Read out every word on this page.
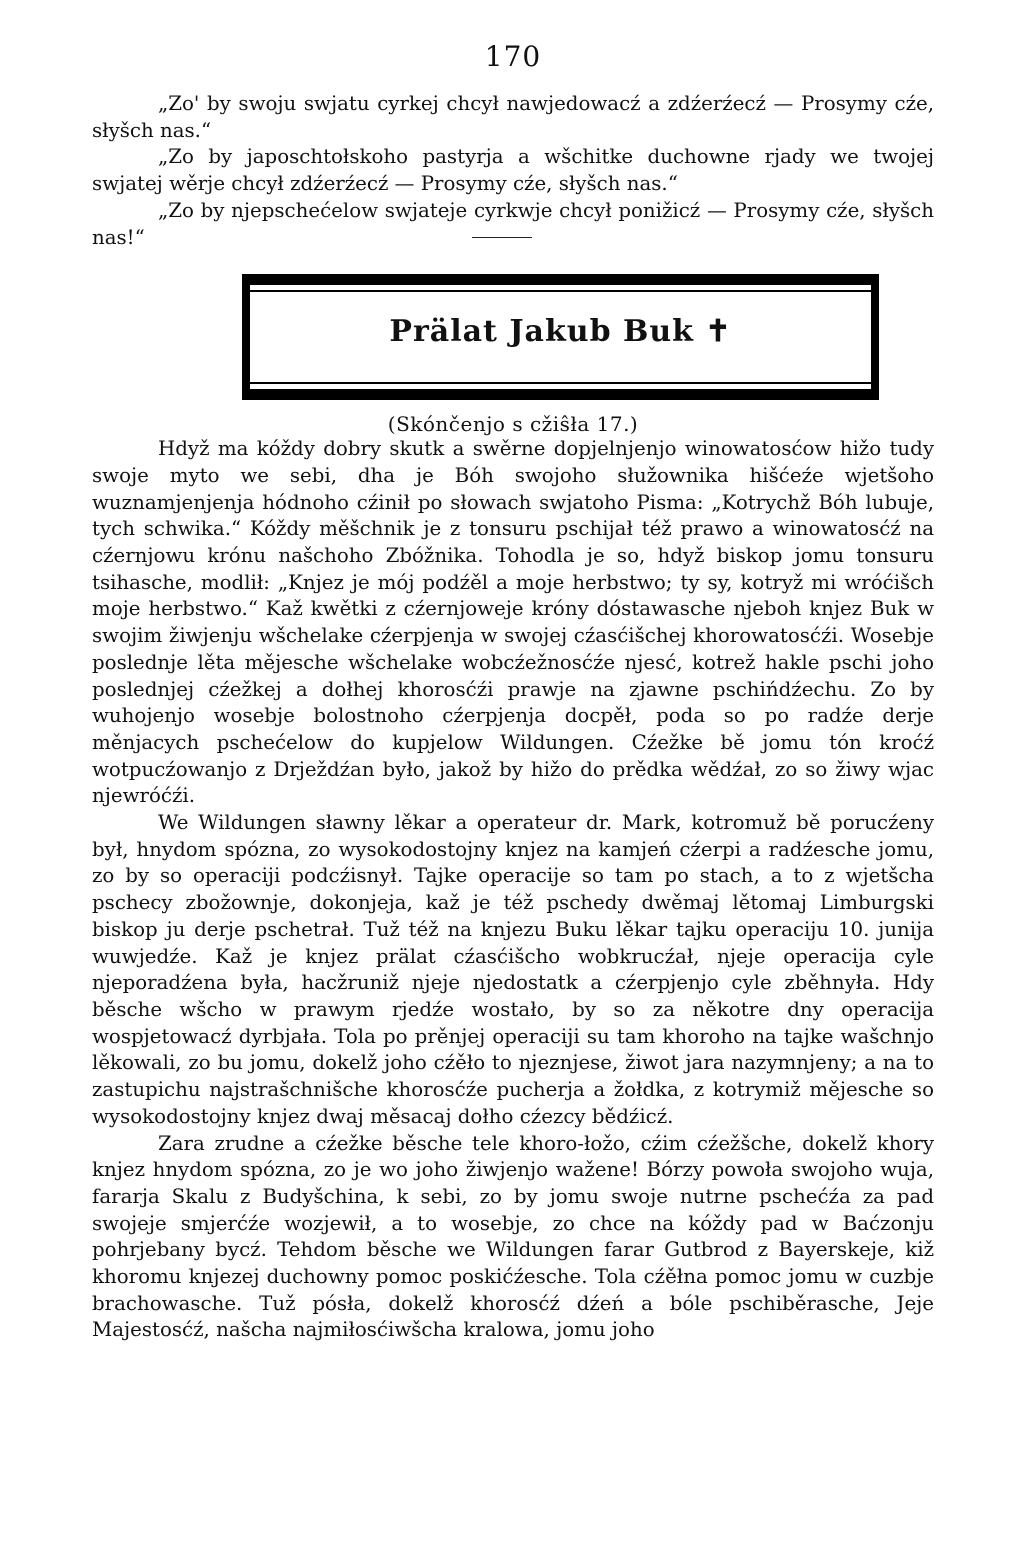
170

„Zo' by swoju swjatu cyrkej chcył nawjedowacź a zdźerźecź — Prosymy cźe, słyšch nas.“

„Zo by japoschtołskoho pastyrja a wšchitke duchowne rjady we twojej swjatej wěrje chcył zdźerźecź — Prosymy cźe, słyšch nas.“

„Zo by njepschećelow swjateje cyrkwje chcył ponižicź — Prosymy cźe, słyšch nas!“

Prälat Jakub Buk ✝
(Skónčenjo s cžiŝła 17.)

Hdyž ma kóždy dobry skutk a swěrne dopjelnjenjo winowatosćow hižo tudy swoje myto we sebi, dha je Bóh swojoho słužownika hišćeźe wjetšoho wuznamjenjenja hódnoho cźinił po słowach swjatoho Pisma: „Kotrychž Bóh lubuje, tych schwika.“ Kóždy měšchnik je z tonsuru pschijał též prawo a winowatosćź na cźernjowu krónu našchoho Zbóžnika. Tohodla je so, hdyž biskop jomu tonsuru tsihasche, modlił: „Knjez je mój podźěl a moje herbstwo; ty sy, kotryž mi wróćišch moje herbstwo.“ Kaž kwětki z cźernjoweje króny dóstawasche njeboh knjez Buk w swojim žiwjenju wšchelake cźerpjenja w swojej cźasćišchej khorowatosćźi. Wosebje poslednje lěta mějesche wšchelake wobcźežnosćźe njesć, kotrež hakle pschi joho poslednjej cźežkej a dołhej khorosćźi prawje na zjawne pschińdźechu. Zo by wuhojenjo wosebje bolostnoho cźerpjenja docpěł, poda so po radźe derje měnjacych pschećelow do kupjelow Wildungen. Cźežke bě jomu tón kroćź wotpucźowanjo z Drježdźan było, jakož by hižo do prědka wědźał, zo so žiwy wjac njewróćźi.

We Wildungen sławny lěkar a operateur dr. Mark, kotromuž bě porucźeny był, hnydom spózna, zo wysokodostojny knjez na kamjeń cźerpi a radźesche jomu, zo by so operaciji podcźisnył. Tajke operacije so tam po stach, a to z wjetšcha pschecy zbožownje, dokonjeja, kaž je též pschedy dwěmaj lětomaj Limburgski biskop ju derje pschetrał. Tuž též na knjezu Buku lěkar tajku operaciju 10. junija wuwjedźe. Kaž je knjez prälat cźasćišcho wobkrucźał, njeje operacija cyle njeporadźena była, hacžruniž njeje njedostatk a cźerpjenjo cyle zběhnyła. Hdy běsche wšcho w prawym rjedźe wostało, by so za někotre dny operacija wospjetowacź dyrbjała. Tola po prěnjej operaciji su tam khoroho na tajke wašchnjo lěkowali, zo bu jomu, dokelž joho cźěło to njeznjese, žiwot jara nazymnjeny; a na to zastupichu najstrašchnišche khorosćźe pucherja a žołdka, z kotrymiž mějesche so wysokodostojny knjez dwaj měsacaj dołho cźezcy bědźicź.

Zara zrudne a cźežke běsche tele khoro-łožo, cźim cźežšche, dokelž khory knjez hnydom spózna, zo je wo joho žiwjenjo wažene! Bórzy powoła swojoho wuja, fararja Skalu z Budyšchina, k sebi, zo by jomu swoje nutrne pschećźa za pad swojeje smjerćźe wozjewił, a to wosebje, zo chce na kóždy pad w Baćzonju pohrjebany bycź. Tehdom běsche we Wildungen farar Gutbrod z Bayerskeje, kiž khoromu knjezej duchowny pomoc poskićźesche. Tola cźěłna pomoc jomu w cuzbje brachowasche. Tuž pósła, dokelž khorosćź dźeń a bóle pschiběrasche, Jeje Majestosćź, našcha najmiłosćiwšcha kralowa, jomu joho
